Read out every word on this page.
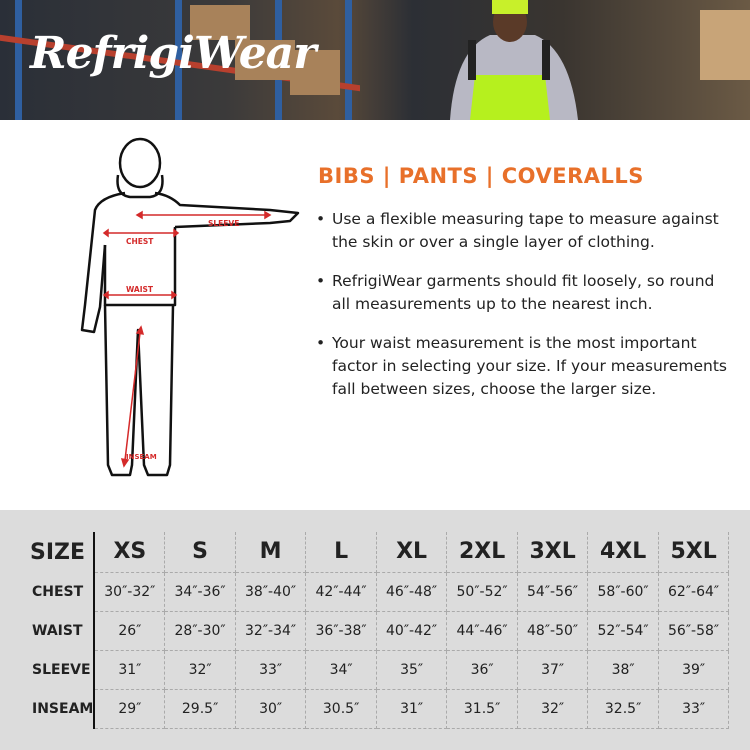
RefrigiWear
SLEEVE
CHEST
WAIST
INSEAM
BIBS | PANTS | COVERALLS
• Use a flexible measuring tape to measure against the skin or over a single layer of clothing.
• RefrigiWear garments should fit loosely, so round all measurements up to the nearest inch.
• Your waist measurement is the most important factor in selecting your size. If your measurements fall between sizes, choose the larger size.
SIZE	XS	S	M	L	XL	2XL	3XL	4XL	5XL
CHEST	30″-32″	34″-36″	38″-40″	42″-44″	46″-48″	50″-52″	54″-56″	58″-60″	62″-64″
WAIST	26″	28″-30″	32″-34″	36″-38″	40″-42″	44″-46″	48″-50″	52″-54″	56″-58″
SLEEVE	31″	32″	33″	34″	35″	36″	37″	38″	39″
INSEAM	29″	29.5″	30″	30.5″	31″	31.5″	32″	32.5″	33″
